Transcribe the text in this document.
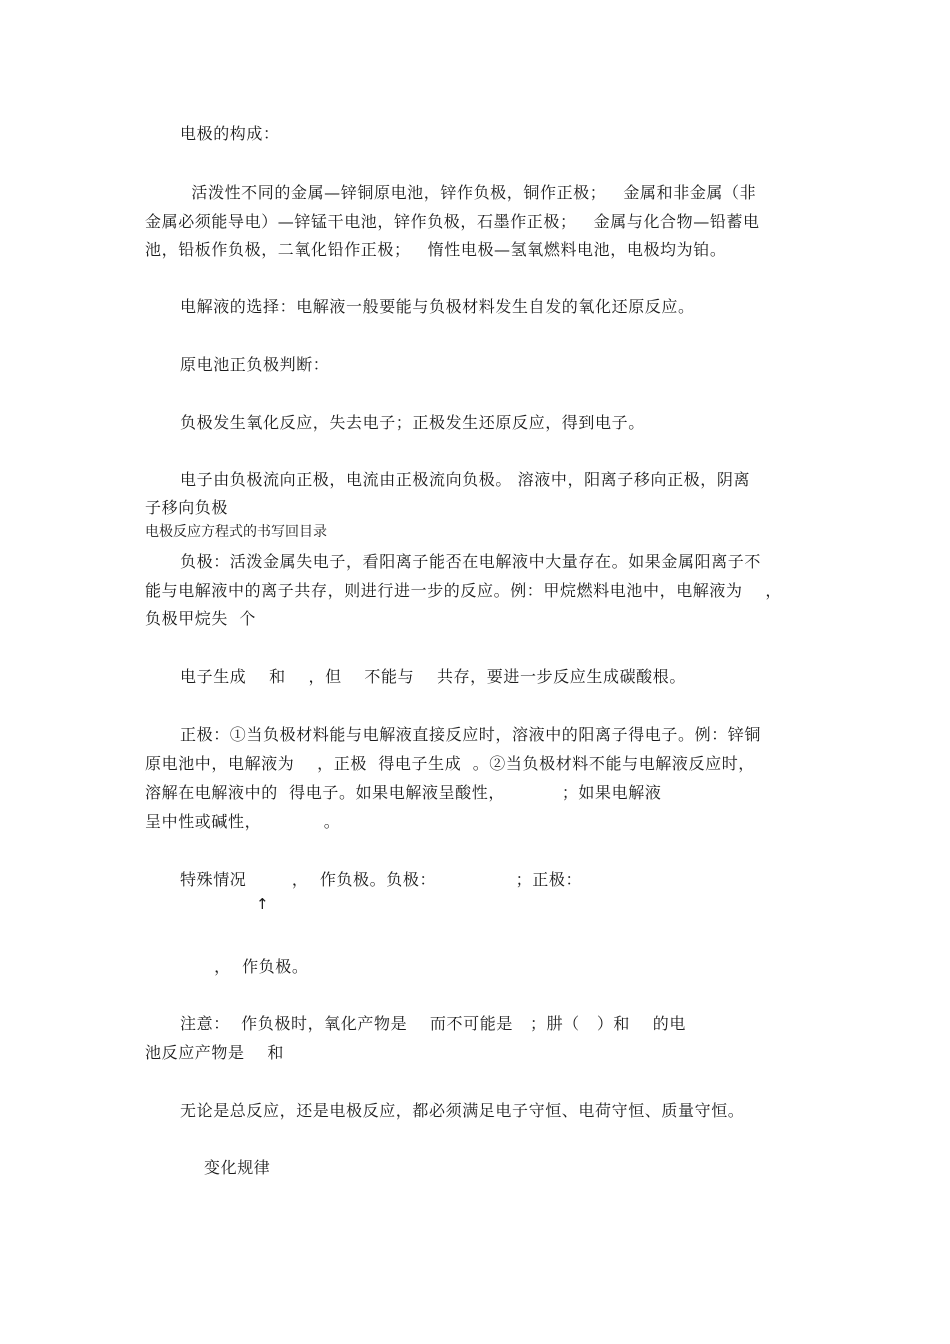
电极的构成：
活泼性不同的金属—锌铜原电池，锌作负极，铜作正极；   金属和非金属（非
金属必须能导电）—锌锰干电池，锌作负极，石墨作正极；   金属与化合物—铅蓄电
池，铅板作负极，二氧化铅作正极；   惰性电极—氢氧燃料电池，电极均为铂。
电解液的选择：电解液一般要能与负极材料发生自发的氧化还原反应。
原电池正负极判断：
负极发生氧化反应，失去电子；正极发生还原反应，得到电子。
电子由负极流向正极，电流由正极流向负极。 溶液中，阳离子移向正极，阴离
子移向负极
电极反应方程式的书写回目录
负极：活泼金属失电子，看阳离子能否在电解液中大量存在。如果金属阳离子不
能与电解液中的离子共存，则进行进一步的反应。例：甲烷燃料电池中，电解液为    ，
负极甲烷失  个
电子生成    和    ，但    不能与    共存，要进一步反应生成碳酸根。
正极：①当负极材料能与电解液直接反应时，溶液中的阳离子得电子。例：锌铜
原电池中，电解液为    ，正极  得电子生成  。②当负极材料不能与电解液反应时，
溶解在电解液中的  得电子。如果电解液呈酸性，          ；如果电解液
呈中性或碱性，           。
特殊情况        ，  作负极。负极：              ；正极：
↑
，  作负极。
注意：  作负极时，氧化产物是    而不可能是   ；肼（   ）和    的电
池反应产物是    和
无论是总反应，还是电极反应，都必须满足电子守恒、电荷守恒、质量守恒。
变化规律
